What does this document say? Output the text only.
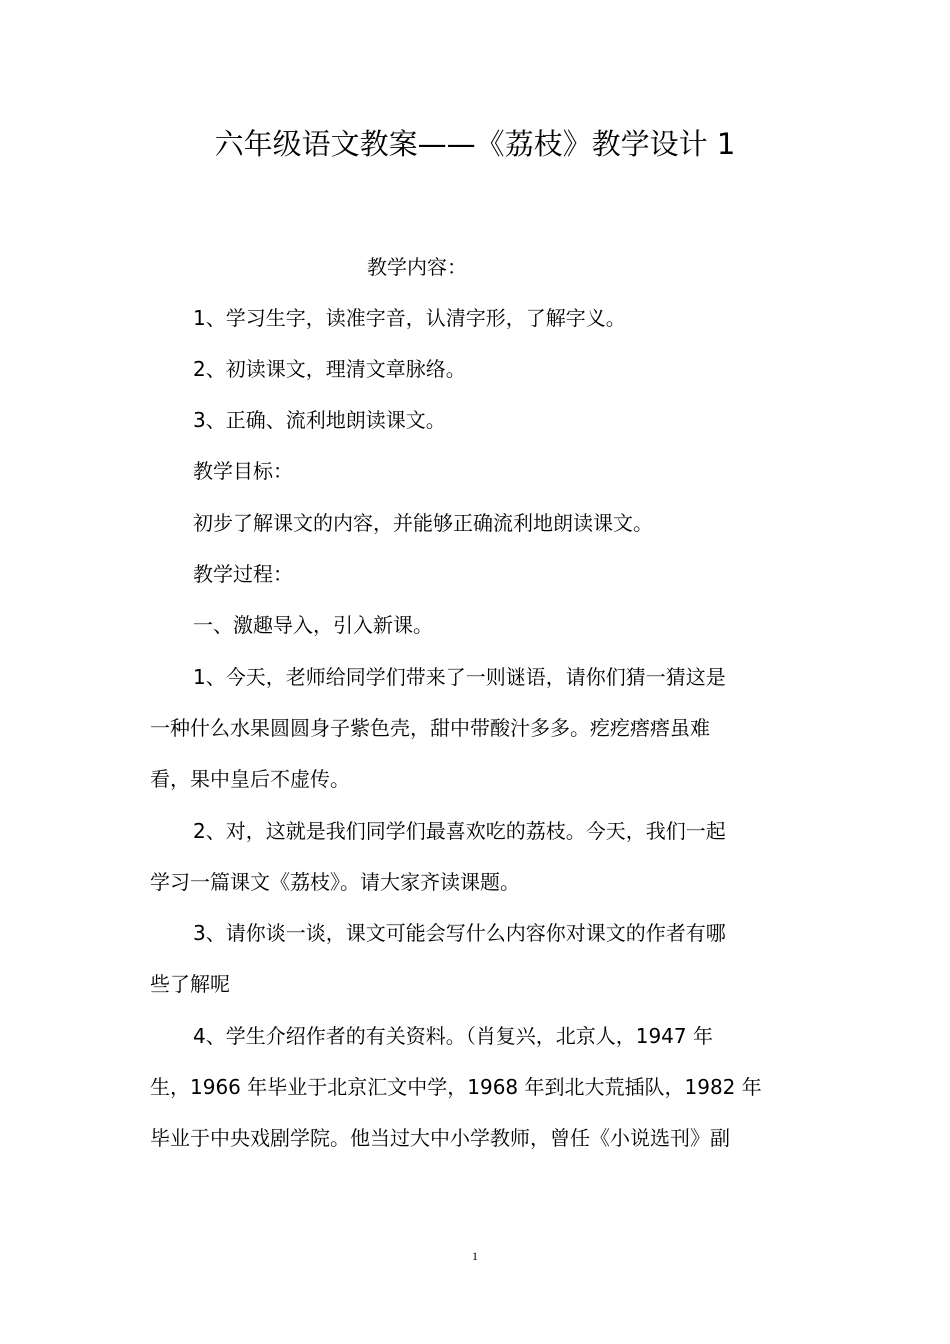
六年级语文教案——《荔枝》教学设计 1

教学内容：

1、学习生字，读准字音，认清字形，了解字义。

2、初读课文，理清文章脉络。

3、正确、流利地朗读课文。

教学目标：

初步了解课文的内容，并能够正确流利地朗读课文。

教学过程：

一、激趣导入，引入新课。

1、今天，老师给同学们带来了一则谜语，请你们猜一猜这是

一种什么水果圆圆身子紫色壳，甜中带酸汁多多。疙疙瘩瘩虽难

看，果中皇后不虚传。

2、对，这就是我们同学们最喜欢吃的荔枝。今天，我们一起

学习一篇课文《荔枝》。请大家齐读课题。

3、请你谈一谈，课文可能会写什么内容你对课文的作者有哪

些了解呢

4、学生介绍作者的有关资料。（肖复兴，北京人，1947 年

生，1966 年毕业于北京汇文中学，1968 年到北大荒插队，1982 年

毕业于中央戏剧学院。他当过大中小学教师，曾任《小说选刊》副

1
